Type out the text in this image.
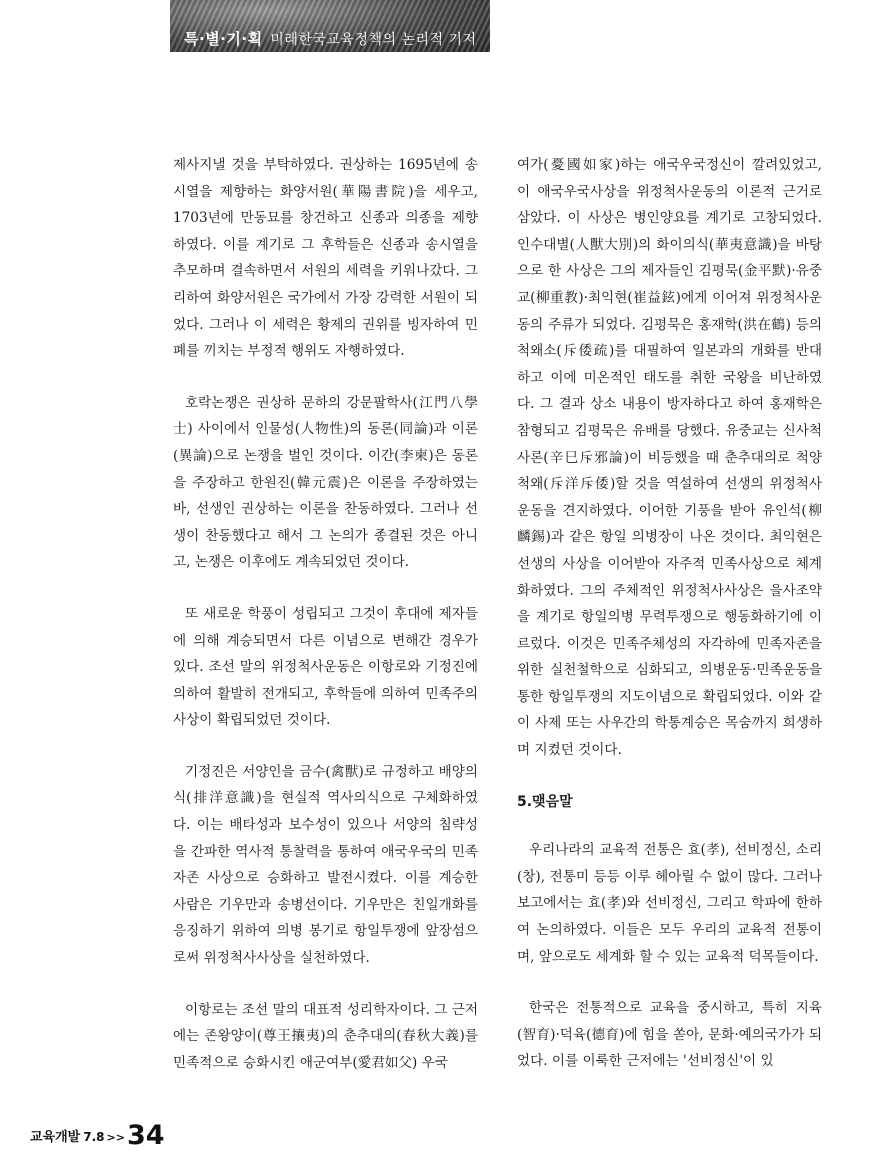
특·별·기·획 미래한국교육정책의 논리적 기저

제사지낼 것을 부탁하였다. 권상하는 1695년에 송시열을 제향하는 화양서원(華陽書院)을 세우고, 1703년에 만동묘를 창건하고 신종과 의종을 제향하였다. 이를 계기로 그 후학들은 신종과 송시열을 추모하며 결속하면서 서원의 세력을 키워나갔다. 그리하여 화양서원은 국가에서 가장 강력한 서원이 되었다. 그러나 이 세력은 황제의 권위를 빙자하여 민폐를 끼치는 부정적 행위도 자행하였다.

호락논쟁은 권상하 문하의 강문팔학사(江門八學士) 사이에서 인물성(人物性)의 동론(同論)과 이론(異論)으로 논쟁을 벌인 것이다. 이간(李柬)은 동론을 주장하고 한원진(韓元震)은 이론을 주장하였는바, 선생인 권상하는 이론을 찬동하였다. 그러나 선생이 찬동했다고 해서 그 논의가 종결된 것은 아니고, 논쟁은 이후에도 계속되었던 것이다.

또 새로운 학풍이 성립되고 그것이 후대에 제자들에 의해 계승되면서 다른 이념으로 변해간 경우가 있다. 조선 말의 위정척사운동은 이항로와 기정진에 의하여 활발히 전개되고, 후학들에 의하여 민족주의 사상이 확립되었던 것이다.

기정진은 서양인을 금수(禽獸)로 규정하고 배양의식(排洋意識)을 현실적 역사의식으로 구체화하였다. 이는 배타성과 보수성이 있으나 서양의 침략성을 간파한 역사적 통찰력을 통하여 애국우국의 민족자존 사상으로 승화하고 발전시켰다. 이를 계승한 사람은 기우만과 송병선이다. 기우만은 친일개화를 응징하기 위하여 의병 봉기로 항일투쟁에 앞장섬으로써 위정척사사상을 실천하였다.

이항로는 조선 말의 대표적 성리학자이다. 그 근저에는 존왕양이(尊王攘夷)의 춘추대의(春秋大義)를 민족적으로 승화시킨 애군여부(愛君如父) 우국

여가(憂國如家)하는 애국우국정신이 깔려있었고, 이 애국우국사상을 위정척사운동의 이론적 근거로 삼았다. 이 사상은 병인양요를 계기로 고창되었다. 인수대별(人獸大別)의 화이의식(華夷意識)을 바탕으로 한 사상은 그의 제자들인 김평묵(金平默)·유중교(柳重教)·최익현(崔益鉉)에게 이어져 위정척사운동의 주류가 되었다. 김평묵은 홍재학(洪在鶴) 등의 척왜소(斥倭疏)를 대필하여 일본과의 개화를 반대하고 이에 미온적인 태도를 취한 국왕을 비난하였다. 그 결과 상소 내용이 방자하다고 하여 홍재학은 참형되고 김평묵은 유배를 당했다. 유중교는 신사척사론(辛巳斥邪論)이 비등했을 때 춘추대의로 척양척왜(斥洋斥倭)할 것을 역설하여 선생의 위정척사운동을 견지하였다. 이어한 기풍을 받아 유인석(柳麟錫)과 같은 항일 의병장이 나온 것이다. 최익현은 선생의 사상을 이어받아 자주적 민족사상으로 체계화하였다. 그의 주체적인 위정척사사상은 을사조약을 계기로 항일의병 무력투쟁으로 행동화하기에 이르렀다. 이것은 민족주체성의 자각하에 민족자존을 위한 실천철학으로 심화되고, 의병운동·민족운동을 통한 항일투쟁의 지도이념으로 확립되었다. 이와 같이 사제 또는 사우간의 학통계승은 목숨까지 희생하며 지켰던 것이다.

5.맺음말

우리나라의 교육적 전통은 효(孝), 선비정신, 소리(창), 전통미 등등 이루 헤아릴 수 없이 많다. 그러나 보고에서는 효(孝)와 선비정신, 그리고 학파에 한하여 논의하였다. 이들은 모두 우리의 교육적 전통이며, 앞으로도 세계화 할 수 있는 교육적 덕목들이다.

한국은 전통적으로 교육을 중시하고, 특히 지육(智育)·덕육(德育)에 힘을 쏟아, 문화·예의국가가 되었다. 이를 이룩한 근저에는 '선비정신'이 있

교육개발 7.8 >>34
